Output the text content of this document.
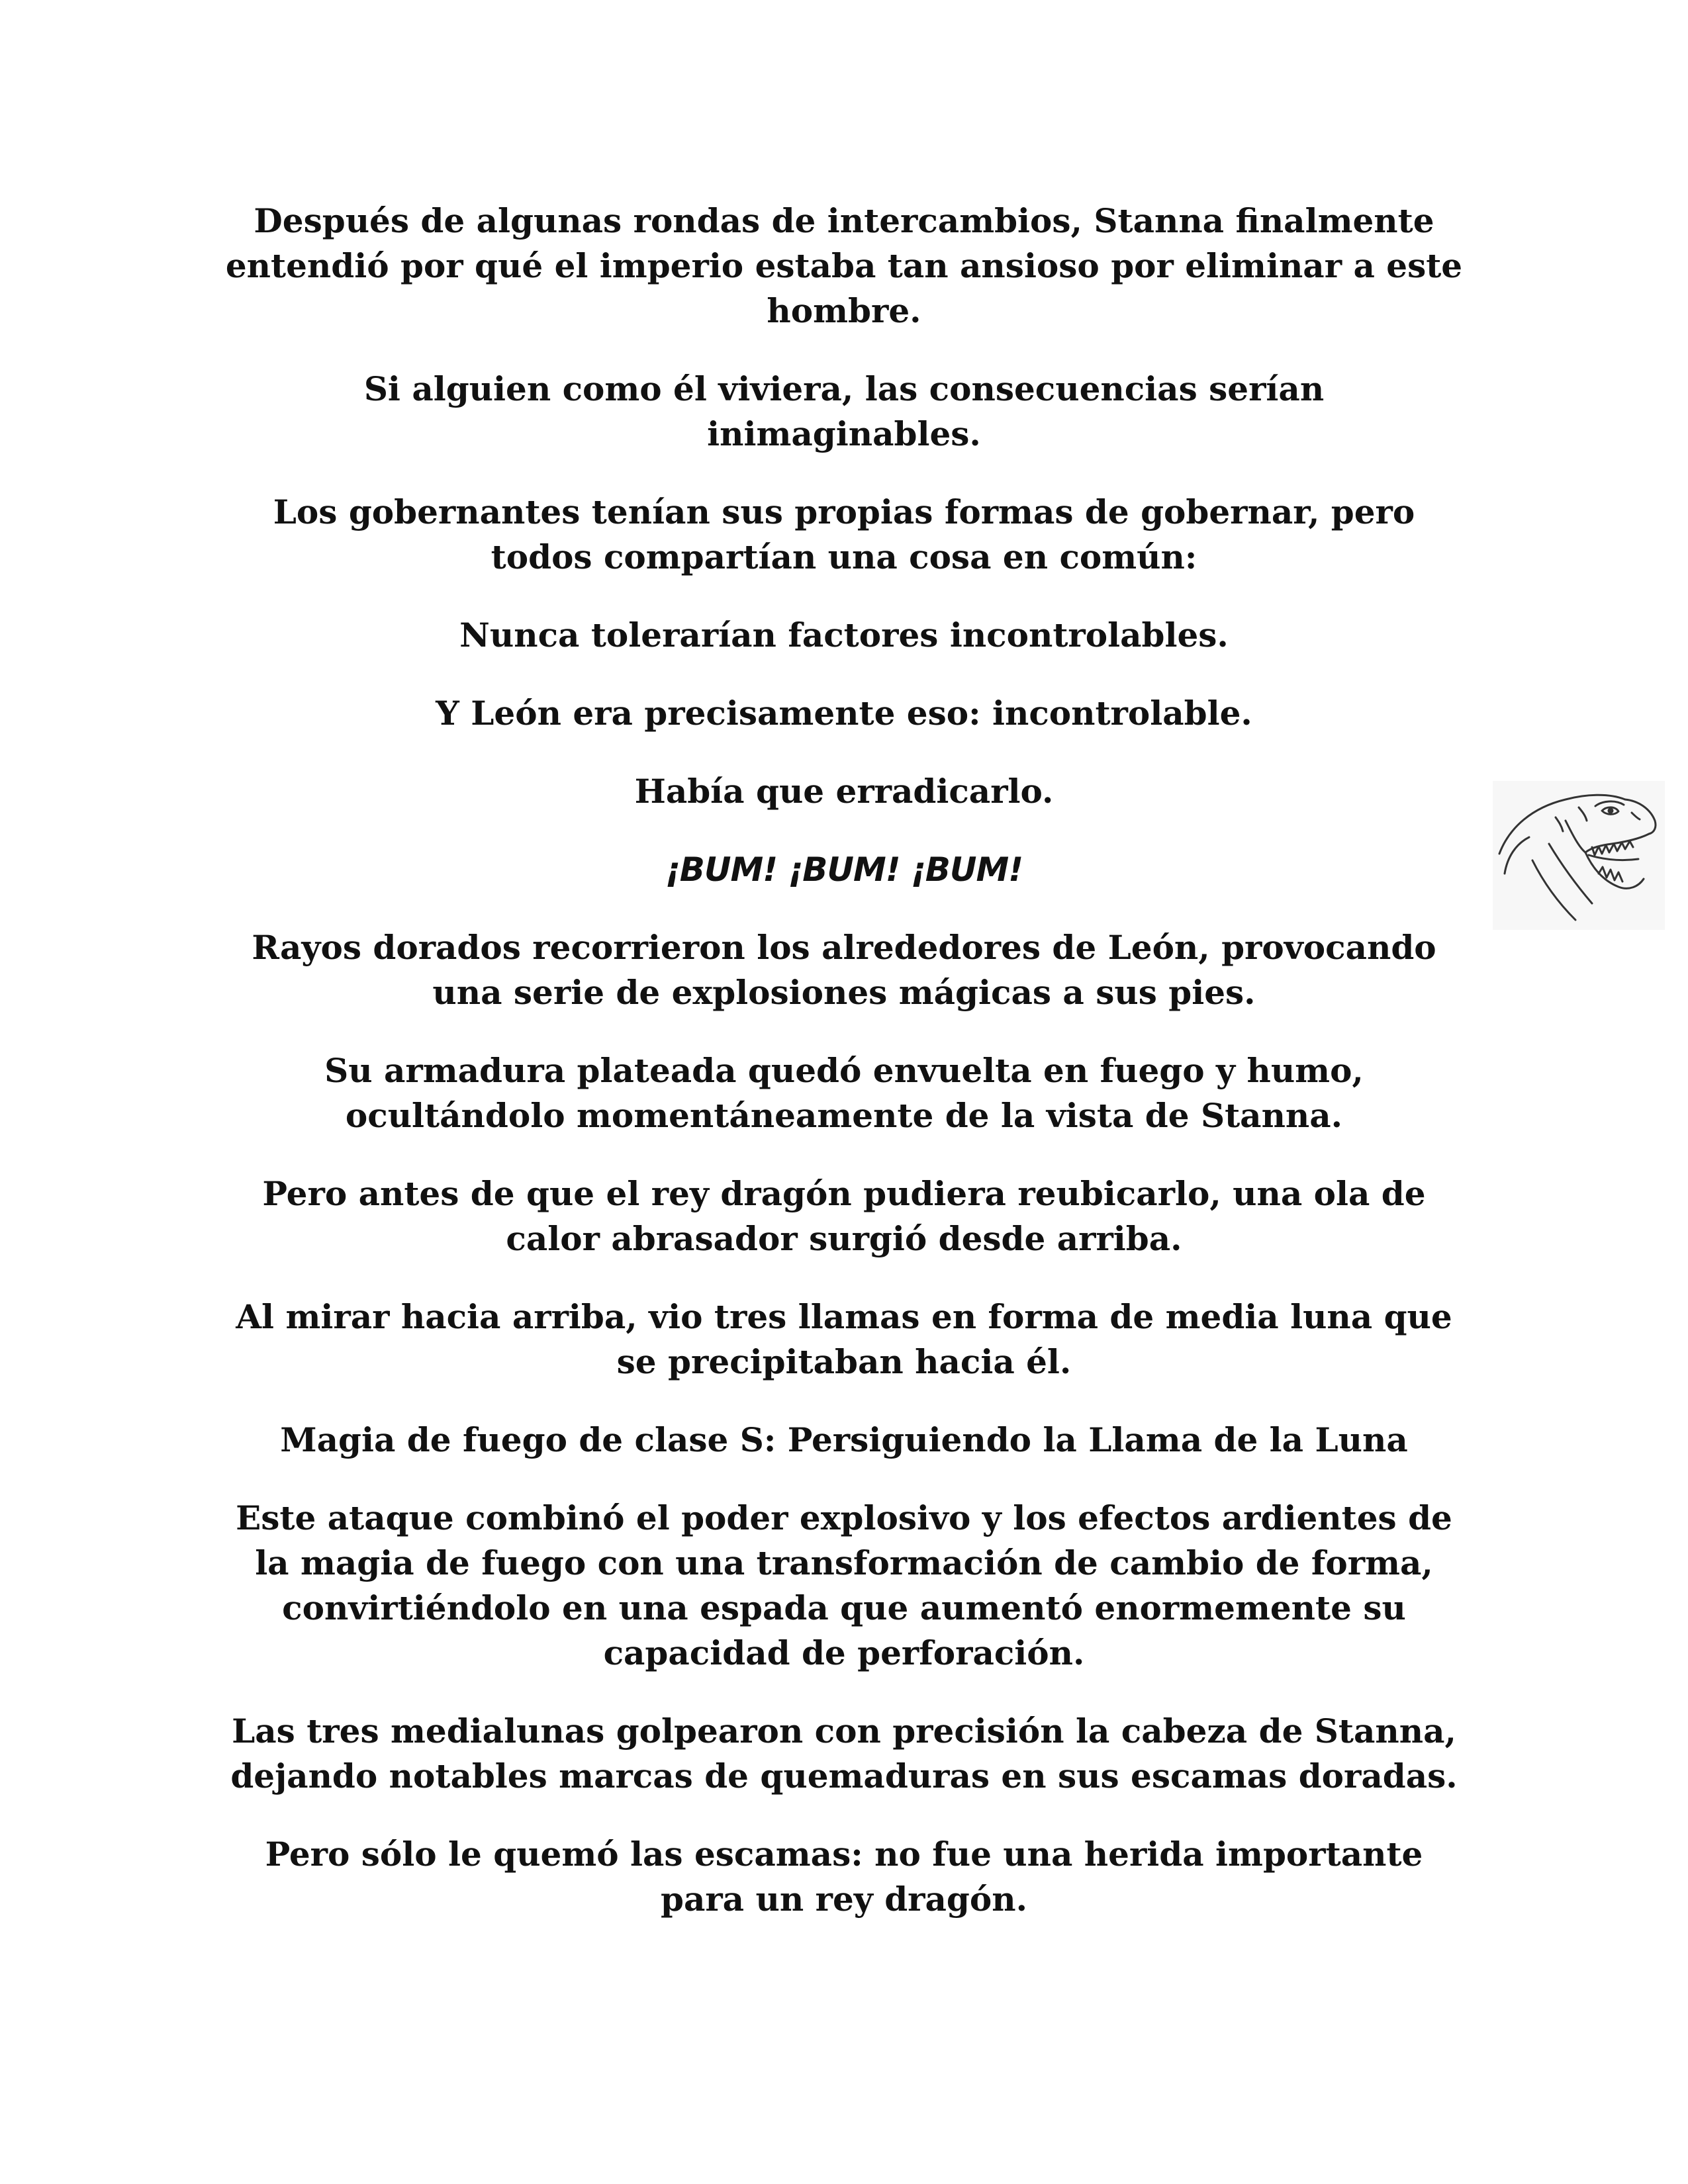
Después de algunas rondas de intercambios, Stanna finalmente entendió por qué el imperio estaba tan ansioso por eliminar a este hombre.

Si alguien como él viviera, las consecuencias serían inimaginables.

Los gobernantes tenían sus propias formas de gobernar, pero todos compartían una cosa en común:

Nunca tolerarían factores incontrolables.

Y León era precisamente eso: incontrolable.

Había que erradicarlo.

¡BUM! ¡BUM! ¡BUM!

Rayos dorados recorrieron los alrededores de León, provocando una serie de explosiones mágicas a sus pies.

Su armadura plateada quedó envuelta en fuego y humo, ocultándolo momentáneamente de la vista de Stanna.

Pero antes de que el rey dragón pudiera reubicarlo, una ola de calor abrasador surgió desde arriba.

Al mirar hacia arriba, vio tres llamas en forma de media luna que se precipitaban hacia él.

Magia de fuego de clase S: Persiguiendo la Llama de la Luna

Este ataque combinó el poder explosivo y los efectos ardientes de la magia de fuego con una transformación de cambio de forma, convirtiéndolo en una espada que aumentó enormemente su capacidad de perforación.

Las tres medialunas golpearon con precisión la cabeza de Stanna, dejando notables marcas de quemaduras en sus escamas doradas.

Pero sólo le quemó las escamas: no fue una herida importante para un rey dragón.
